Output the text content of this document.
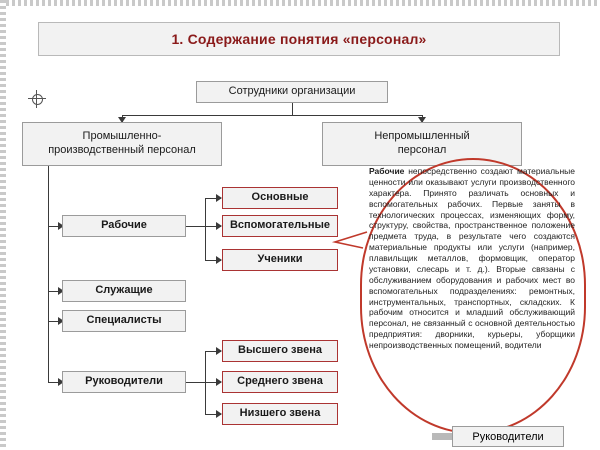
1. Содержание понятия «персонал»
Сотрудники организации
Промышленно-
производственный персонал
Непромышленный
персонал
Рабочие
Служащие
Специалисты
Руководители
Основные
Вспомогательные
Ученики
Высшего звена
Среднего звена
Низшего звена
Рабочие непосредственно создают материальные ценности или оказывают услуги производственного характера. Принято различать основных и вспомогательных рабочих. Первые заняты в технологических процессах, изменяющих форму, структуру, свойства, пространственное положение предмета труда, в результате чего создаются материальные продукты или услуги (например, плавильщик металлов, формовщик, оператор установки, слесарь и т. д.). Вторые связаны с обслуживанием оборудования и рабочих мест во вспомогательных подразделениях: ремонтных, инструментальных, транспортных, складских. К рабочим относится и младший обслуживающий персонал, не связанный с основной деятельностью предприятия: дворники, курьеры, уборщики непроизводственных помещений, водители
Руководители
